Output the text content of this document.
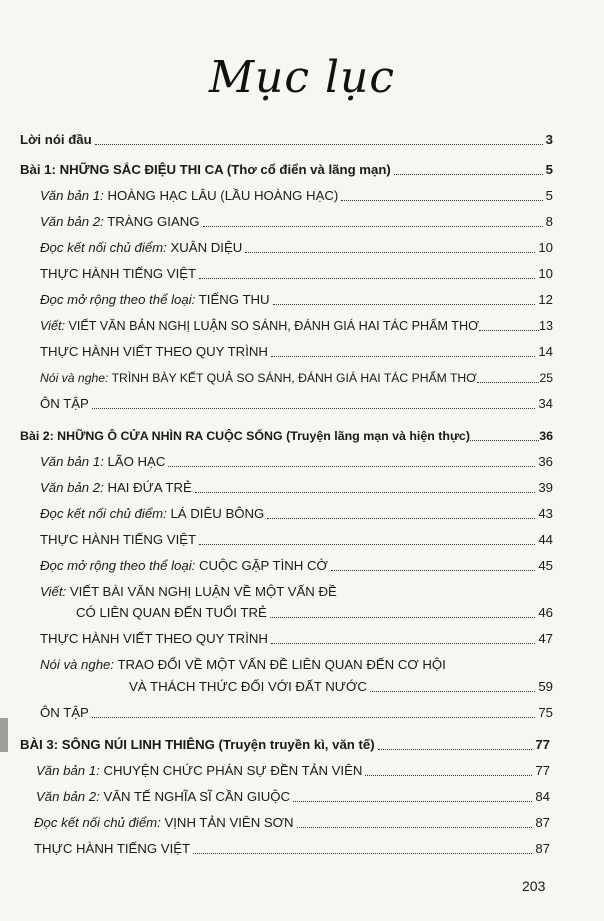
Mục lục
Lời nói đầu	3
Bài 1: NHỮNG SẮC ĐIỆU THI CA (Thơ cổ điển và lãng mạn)	5
Văn bản 1: HOÀNG HẠC LÂU (LẦU HOÀNG HẠC)	5
Văn bản 2: TRÀNG GIANG	8
Đọc kết nối chủ điểm: XUÂN DIỆU	10
THỰC HÀNH TIẾNG VIỆT	10
Đọc mở rộng theo thể loại: TIẾNG THU	12
Viết: VIẾT VĂN BẢN NGHỊ LUẬN SO SÁNH, ĐÁNH GIÁ HAI TÁC PHẨM THƠ	13
THỰC HÀNH VIẾT THEO QUY TRÌNH	14
Nói và nghe: TRÌNH BÀY KẾT QUẢ SO SÁNH, ĐÁNH GIÁ HAI TÁC PHẨM THƠ	25
ÔN TẬP	34
Bài 2: NHỮNG Ô CỬA NHÌN RA CUỘC SỐNG (Truyện lãng mạn và hiện thực)	36
Văn bản 1: LÃO HẠC	36
Văn bản 2: HAI ĐỨA TRẺ	39
Đọc kết nối chủ điểm: LÁ DIÊU BÔNG	43
THỰC HÀNH TIẾNG VIỆT	44
Đọc mở rộng theo thể loại: CUỘC GẶP TÌNH CỜ	45
Viết: VIẾT BÀI VĂN NGHỊ LUẬN VỀ MỘT VẤN ĐỀ
CÓ LIÊN QUAN ĐẾN TUỔI TRẺ	46
THỰC HÀNH VIẾT THEO QUY TRÌNH	47
Nói và nghe: TRAO ĐỔI VỀ MỘT VẤN ĐỀ LIÊN QUAN ĐẾN CƠ HỘI
VÀ THÁCH THỨC ĐỐI VỚI ĐẤT NƯỚC	59
ÔN TẬP	75
BÀI 3: SÔNG NÚI LINH THIÊNG (Truyện truyền kì, văn tế)	77
Văn bản 1: CHUYỆN CHỨC PHÁN SỰ ĐỀN TẢN VIÊN	77
Văn bản 2: VĂN TẾ NGHĨA SĨ CẦN GIUỘC	84
Đọc kết nối chủ điểm: VỊNH TẢN VIÊN SƠN	87
THỰC HÀNH TIẾNG VIỆT	87
203
